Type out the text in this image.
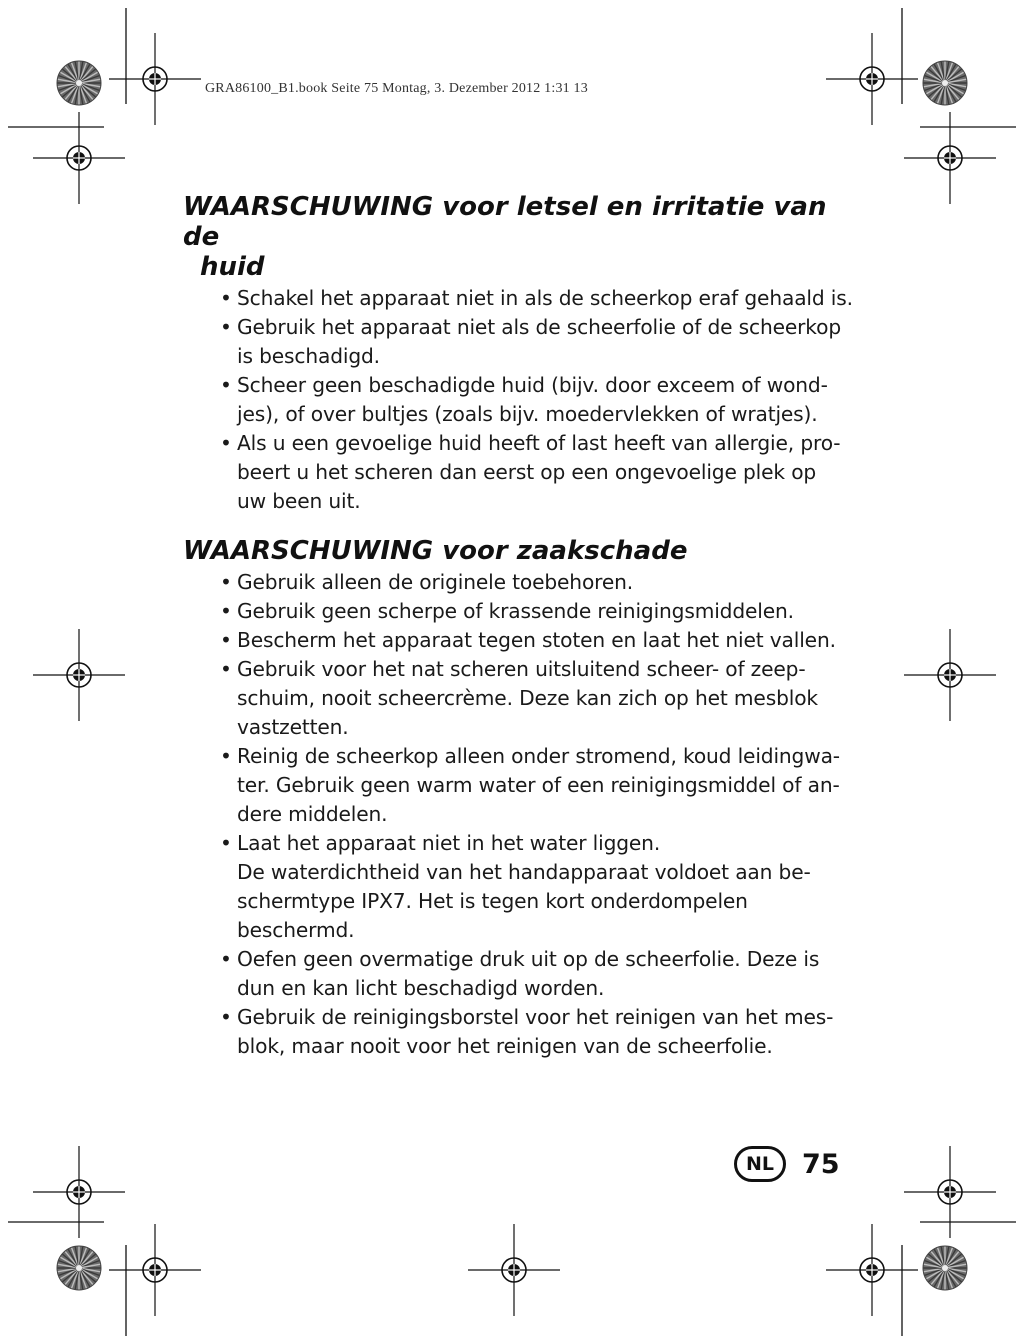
GRA86100_B1.book Seite 75 Montag, 3. Dezember 2012 1:31 13
WAARSCHUWING voor letsel en irritatie van de
huid
• Schakel het apparaat niet in als de scheerkop eraf gehaald is.
• Gebruik het apparaat niet als de scheerfolie of de scheerkop
is beschadigd.
• Scheer geen beschadigde huid (bijv. door exceem of wond-
jes), of over bultjes (zoals bijv. moedervlekken of wratjes).
• Als u een gevoelige huid heeft of last heeft van allergie, pro-
beert u het scheren dan eerst op een ongevoelige plek op
uw been uit.
WAARSCHUWING voor zaakschade
• Gebruik alleen de originele toebehoren.
• Gebruik geen scherpe of krassende reinigingsmiddelen.
• Bescherm het apparaat tegen stoten en laat het niet vallen.
• Gebruik voor het nat scheren uitsluitend scheer- of zeep-
schuim, nooit scheercrème. Deze kan zich op het mesblok
vastzetten.
• Reinig de scheerkop alleen onder stromend, koud leidingwa-
ter. Gebruik geen warm water of een reinigingsmiddel of an-
dere middelen.
• Laat het apparaat niet in het water liggen.
De waterdichtheid van het handapparaat voldoet aan be-
schermtype IPX7. Het is tegen kort onderdompelen beschermd.
• Oefen geen overmatige druk uit op de scheerfolie. Deze is
dun en kan licht beschadigd worden.
• Gebruik de reinigingsborstel voor het reinigen van het mes-
blok, maar nooit voor het reinigen van de scheerfolie.
NL	75
